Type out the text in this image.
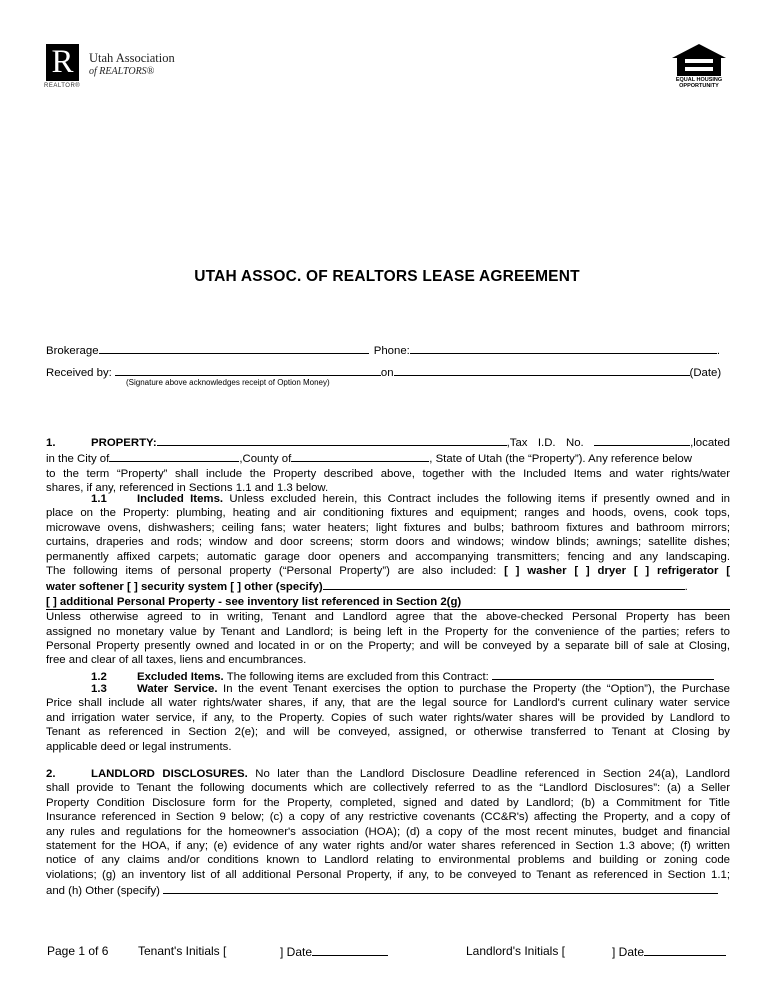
R
REALTOR®
Utah Association
of REALTORS®
EQUAL HOUSING OPPORTUNITY
UTAH ASSOC. OF REALTORS LEASE AGREEMENT
Brokerage	Phone:	.
Received by:	on	(Date)
(Signature above acknowledges receipt of Option Money)
1.	PROPERTY:	,Tax I.D. No.	,located
in the City of	,County of	, State of Utah (the “Property”). Any reference below
to the term “Property” shall include the Property described above, together with the Included Items and water rights/water
shares, if any, referenced in Sections 1.1 and 1.3 below.
1.1	Included Items. Unless excluded herein, this Contract includes the following items if presently owned and in
place on the Property: plumbing, heating and air conditioning fixtures and equipment; ranges and hoods, ovens, cook tops,
microwave ovens, dishwashers; ceiling fans; water heaters; light fixtures and bulbs; bathroom fixtures and bathroom mirrors;
curtains, draperies and rods; window and door screens; storm doors and windows; window blinds; awnings; satellite dishes;
permanently affixed carpets; automatic garage door openers and accompanying transmitters; fencing and any landscaping.
The following items of personal property (“Personal Property”) are also included: [ ] washer [ ] dryer [ ] refrigerator [
water softener [ ] security system [ ] other (specify)	.
[ ] additional Personal Property - see inventory list referenced in Section 2(g)
Unless otherwise agreed to in writing, Tenant and Landlord agree that the above-checked Personal Property has been
assigned no monetary value by Tenant and Landlord; is being left in the Property for the convenience of the parties; refers to
Personal Property presently owned and located in or on the Property; and will be conveyed by a separate bill of sale at Closing,
free and clear of all taxes, liens and encumbrances.
1.2	Excluded Items. The following items are excluded from this Contract:
1.3	Water Service. In the event Tenant exercises the option to purchase the Property (the “Option”), the Purchase
Price shall include all water rights/water shares, if any, that are the legal source for Landlord's current culinary water service
and irrigation water service, if any, to the Property. Copies of such water rights/water shares will be provided by Landlord to
Tenant as referenced in Section 2(e); and will be conveyed, assigned, or otherwise transferred to Tenant at Closing by
applicable deed or legal instruments.
2.	LANDLORD DISCLOSURES. No later than the Landlord Disclosure Deadline referenced in Section 24(a), Landlord
shall provide to Tenant the following documents which are collectively referred to as the “Landlord Disclosures”: (a) a Seller
Property Condition Disclosure form for the Property, completed, signed and dated by Landlord; (b) a Commitment for Title
Insurance referenced in Section 9 below; (c) a copy of any restrictive covenants (CC&R's) affecting the Property, and a copy of
any rules and regulations for the homeowner's association (HOA); (d) a copy of the most recent minutes, budget and financial
statement for the HOA, if any; (e) evidence of any water rights and/or water shares referenced in Section 1.3 above; (f) written
notice of any claims and/or conditions known to Landlord relating to environmental problems and building or zoning code
violations; (g) an inventory list of all additional Personal Property, if any, to be conveyed to Tenant as referenced in Section 1.1;
and (h) Other (specify)
Page 1 of 6 Tenant's Initials [	] Date	Landlord's Initials [	] Date
